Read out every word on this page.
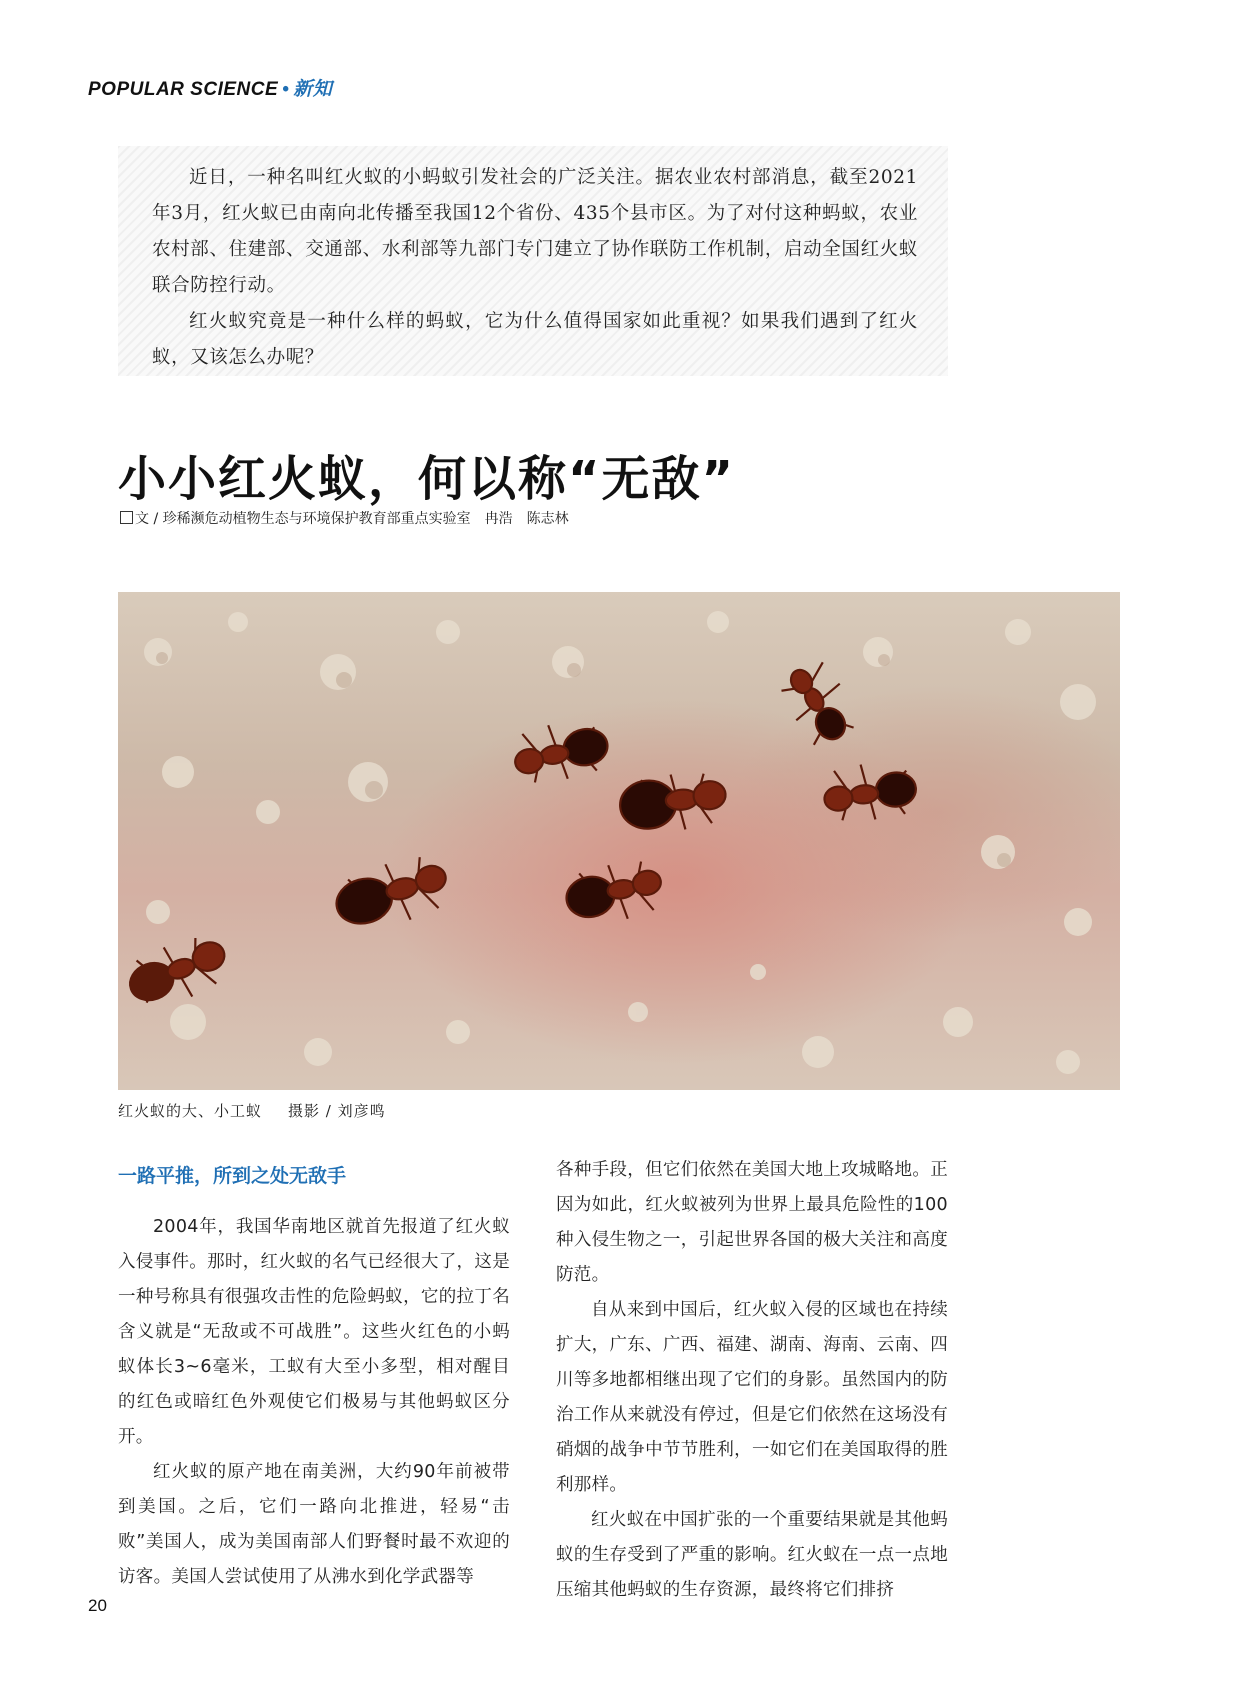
POPULAR SCIENCE • 新知

近日，一种名叫红火蚁的小蚂蚁引发社会的广泛关注。据农业农村部消息，截至2021年3月，红火蚁已由南向北传播至我国12个省份、435个县市区。为了对付这种蚂蚁，农业农村部、住建部、交通部、水利部等九部门专门建立了协作联防工作机制，启动全国红火蚁联合防控行动。

红火蚁究竟是一种什么样的蚂蚁，它为什么值得国家如此重视？如果我们遇到了红火蚁，又该怎么办呢？

小小红火蚁，何以称“无敌”
文 / 珍稀濒危动植物生态与环境保护教育部重点实验室　冉浩　陈志林
红火蚁的大、小工蚁 摄影 / 刘彦鸣
一路平推，所到之处无敌手

2004年，我国华南地区就首先报道了红火蚁入侵事件。那时，红火蚁的名气已经很大了，这是一种号称具有很强攻击性的危险蚂蚁，它的拉丁名含义就是“无敌或不可战胜”。这些火红色的小蚂蚁体长3~6毫米，工蚁有大至小多型，相对醒目的红色或暗红色外观使它们极易与其他蚂蚁区分开。

红火蚁的原产地在南美洲，大约90年前被带到美国。之后，它们一路向北推进，轻易“击败”美国人，成为美国南部人们野餐时最不欢迎的访客。美国人尝试使用了从沸水到化学武器等

各种手段，但它们依然在美国大地上攻城略地。正因为如此，红火蚁被列为世界上最具危险性的100种入侵生物之一，引起世界各国的极大关注和高度防范。

自从来到中国后，红火蚁入侵的区域也在持续扩大，广东、广西、福建、湖南、海南、云南、四川等多地都相继出现了它们的身影。虽然国内的防治工作从来就没有停过，但是它们依然在这场没有硝烟的战争中节节胜利，一如它们在美国取得的胜利那样。

红火蚁在中国扩张的一个重要结果就是其他蚂蚁的生存受到了严重的影响。红火蚁在一点一点地压缩其他蚂蚁的生存资源，最终将它们排挤

20
